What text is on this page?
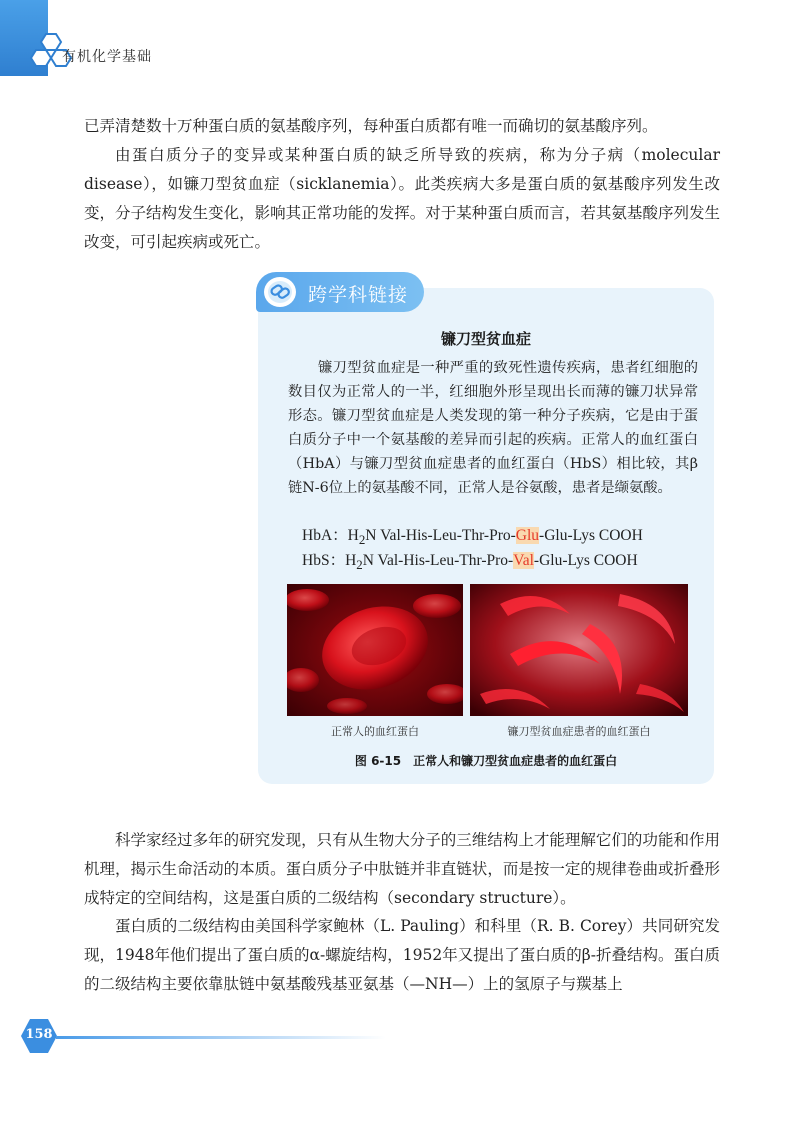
有机化学基础

已弄清楚数十万种蛋白质的氨基酸序列，每种蛋白质都有唯一而确切的氨基酸序列。

由蛋白质分子的变异或某种蛋白质的缺乏所导致的疾病，称为分子病（molecular disease），如镰刀型贫血症（sicklanemia）。此类疾病大多是蛋白质的氨基酸序列发生改变，分子结构发生变化，影响其正常功能的发挥。对于某种蛋白质而言，若其氨基酸序列发生改变，可引起疾病或死亡。

跨学科链接
镰刀型贫血症

镰刀型贫血症是一种严重的致死性遗传疾病，患者红细胞的数目仅为正常人的一半，红细胞外形呈现出长而薄的镰刀状异常形态。镰刀型贫血症是人类发现的第一种分子疾病，它是由于蛋白质分子中一个氨基酸的差异而引起的疾病。正常人的血红蛋白（HbA）与镰刀型贫血症患者的血红蛋白（HbS）相比较，其β链N-6位上的氨基酸不同，正常人是谷氨酸，患者是缬氨酸。

HbA：$H_2N$ Val-His-Leu-Thr-Pro-Glu-Glu-Lys COOH
HbS：$H_2N$ Val-His-Leu-Thr-Pro-Val-Glu-Lys COOH
正常人的血红蛋白	镰刀型贫血症患者的血红蛋白
图 6-15　正常人和镰刀型贫血症患者的血红蛋白

科学家经过多年的研究发现，只有从生物大分子的三维结构上才能理解它们的功能和作用机理，揭示生命活动的本质。蛋白质分子中肽链并非直链状，而是按一定的规律卷曲或折叠形成特定的空间结构，这是蛋白质的二级结构（secondary structure）。

蛋白质的二级结构由美国科学家鲍林（L. Pauling）和科里（R. B. Corey）共同研究发现，1948年他们提出了蛋白质的α-螺旋结构，1952年又提出了蛋白质的β-折叠结构。蛋白质的二级结构主要依靠肽链中氨基酸残基亚氨基（—NH—）上的氢原子与羰基上

158
